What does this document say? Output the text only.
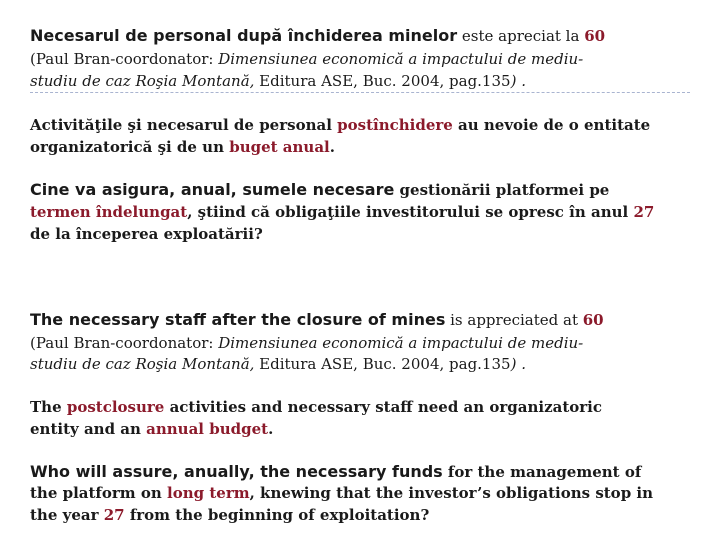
Necesarul de personal după închiderea minelor este apreciat la 60
(Paul Bran-coordonator: Dimensiunea economică a impactului de mediu-
studiu de caz Roşia Montană, Editura ASE, Buc. 2004, pag.135) .
Activităţile şi necesarul de personal postînchidere au nevoie de o entitate
organizatorică şi de un buget anual.
Cine va asigura, anual, sumele necesare gestionării platformei pe
termen îndelungat, ştiind că obligaţiile investitorului se opresc în anul 27
de la începerea exploatării?
The necessary staff after the closure of mines is appreciated at 60
(Paul Bran-coordonator: Dimensiunea economică a impactului de mediu-
studiu de caz Roşia Montană, Editura ASE, Buc. 2004, pag.135) .
The postclosure activities and necessary staff need an organizatoric
entity and an annual budget.
Who will assure, anually, the necessary funds for the management of
the platform on long term, knewing that the investor’s obligations stop in
the year 27 from the beginning of exploitation?
